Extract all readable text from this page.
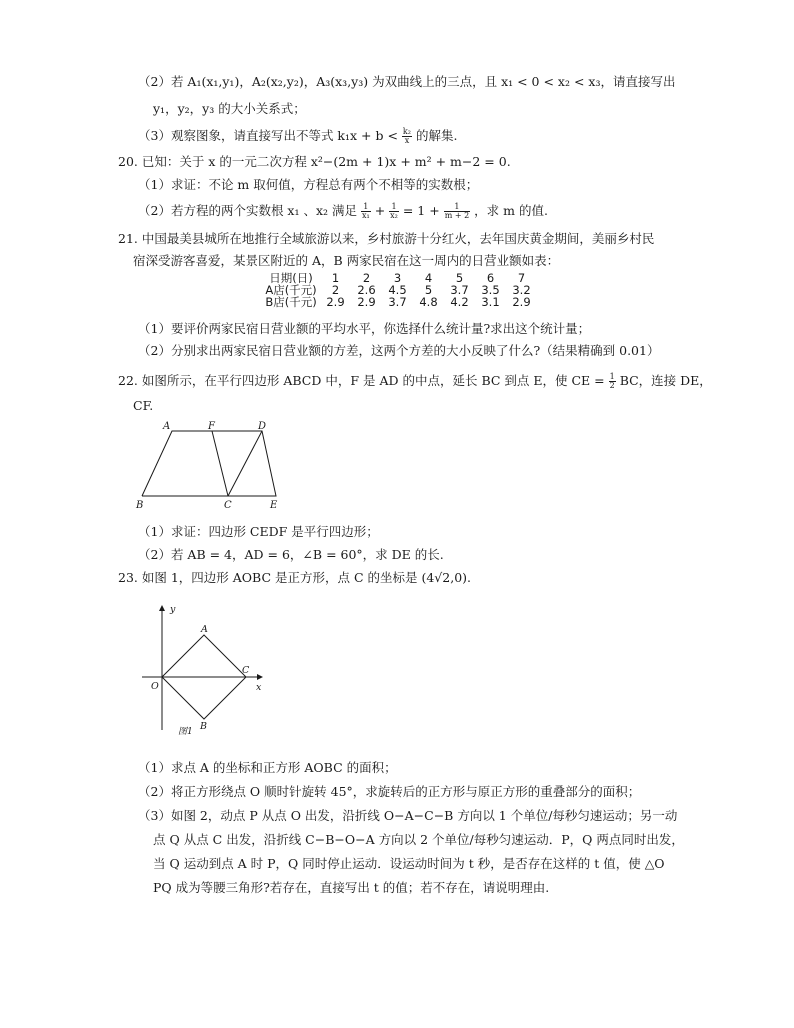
（2）若 A₁(x₁,y₁)，A₂(x₂,y₂)，A₃(x₃,y₃) 为双曲线上的三点，且 x₁ < 0 < x₂ < x₃，请直接写出
y₁，y₂，y₃ 的大小关系式；
（3）观察图象，请直接写出不等式 $k_1x + b < \frac{\text{k₂}}{x}$ 的解集.
20. 已知：关于 x 的一元二次方程 x²−(2m + 1)x + m² + m−2 = 0.
（1）求证：不论 m 取何值，方程总有两个不相等的实数根；
（2）若方程的两个实数根 x₁ 、x₂ 满足 $\frac{1}{\text{x₁}} + \frac{1}{\text{x₂}} = 1 + \frac{1}{m + 2}$ ，求 m 的值.
21. 中国最美县城所在地推行全域旅游以来，乡村旅游十分红火，去年国庆黄金期间，美丽乡村民
宿深受游客喜爱，某景区附近的 A，B 两家民宿在这一周内的日营业额如表：
日期(日)	1	2	3	4	5	6	7
A店(千元)	2	2.6	4.5	5	3.7	3.5	3.2
B店(千元)	2.9	2.9	3.7	4.8	4.2	3.1	2.9
（1）要评价两家民宿日营业额的平均水平，你选择什么统计量?求出这个统计量；
（2）分别求出两家民宿日营业额的方差，这两个方差的大小反映了什么?（结果精确到 0.01）
22. 如图所示，在平行四边形 ABCD 中，F 是 AD 的中点，延长 BC 到点 E，使 CE = $\frac{1}{2}$ BC，连接 DE，
CF.
A	F	D
B	C	E
（1）求证：四边形 CEDF 是平行四边形；
（2）若 AB = 4，AD = 6，∠B = 60°，求 DE 的长.
23. 如图 1，四边形 AOBC 是正方形，点 C 的坐标是 (4√2,0).
y
x
O
A
C
B
图1
（1）求点 A 的坐标和正方形 AOBC 的面积；
（2）将正方形绕点 O 顺时针旋转 45°，求旋转后的正方形与原正方形的重叠部分的面积；
（3）如图 2，动点 P 从点 O 出发，沿折线 O−A−C−B 方向以 1 个单位/每秒匀速运动；另一动
点 Q 从点 C 出发，沿折线 C−B−O−A 方向以 2 个单位/每秒匀速运动．P，Q 两点同时出发，
当 Q 运动到点 A 时 P，Q 同时停止运动．设运动时间为 t 秒，是否存在这样的 t 值，使 △O
PQ 成为等腰三角形?若存在，直接写出 t 的值；若不存在，请说明理由.
